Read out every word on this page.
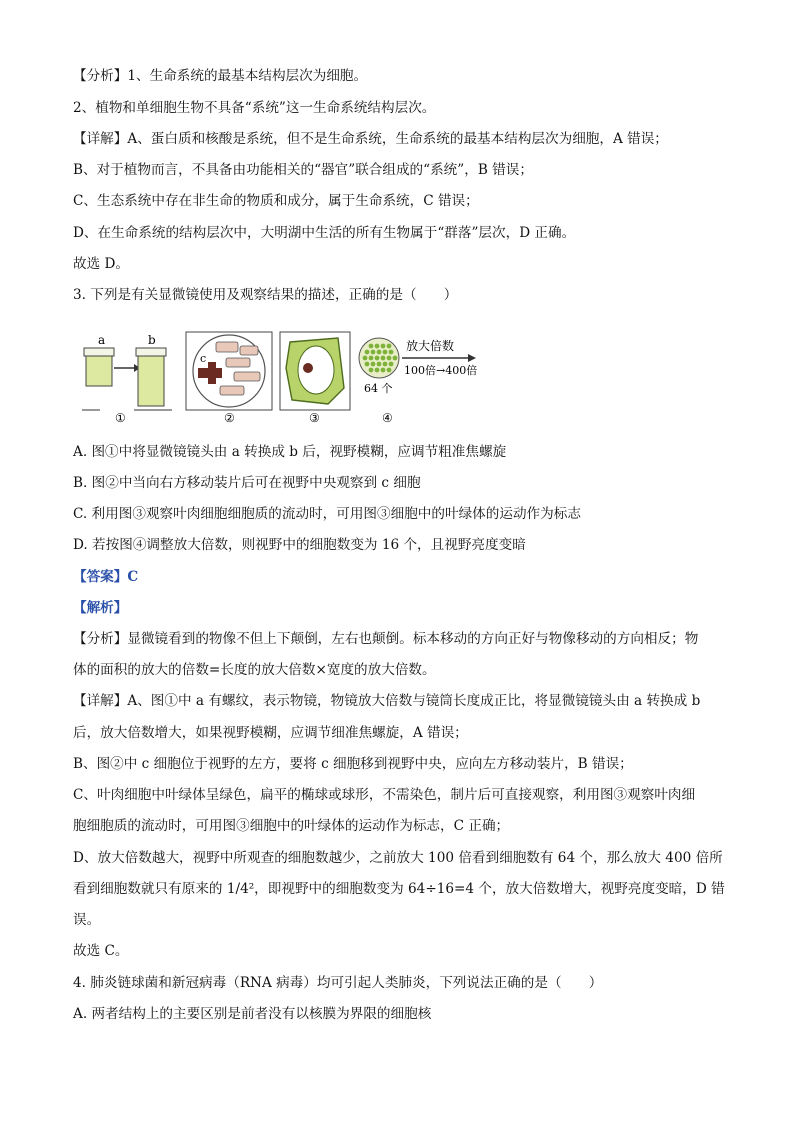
【分析】1、生命系统的最基本结构层次为细胞。
2、植物和单细胞生物不具备“系统”这一生命系统结构层次。
【详解】A、蛋白质和核酸是系统，但不是生命系统，生命系统的最基本结构层次为细胞，A 错误；
B、对于植物而言，不具备由功能相关的“器官”联合组成的“系统”，B 错误；
C、生态系统中存在非生命的物质和成分，属于生命系统，C 错误；
D、在生命系统的结构层次中，大明湖中生活的所有生物属于“群落”层次，D 正确。
故选 D。
3. 下列是有关显微镜使用及观察结果的描述，正确的是（　　）
a	b
①
c
②	③
64 个
放大倍数
100倍→400倍
④
A. 图①中将显微镜镜头由 a 转换成 b 后，视野模糊，应调节粗准焦螺旋
B. 图②中当向右方移动装片后可在视野中央观察到 c 细胞
C. 利用图③观察叶肉细胞细胞质的流动时，可用图③细胞中的叶绿体的运动作为标志
D. 若按图④调整放大倍数，则视野中的细胞数变为 16 个，且视野亮度变暗
【答案】C
【解析】
【分析】显微镜看到的物像不但上下颠倒，左右也颠倒。标本移动的方向正好与物像移动的方向相反；物
体的面积的放大的倍数=长度的放大倍数×宽度的放大倍数。
【详解】A、图①中 a 有螺纹，表示物镜，物镜放大倍数与镜筒长度成正比，将显微镜镜头由 a 转换成 b
后，放大倍数增大，如果视野模糊，应调节细准焦螺旋，A 错误；
B、图②中 c 细胞位于视野的左方，要将 c 细胞移到视野中央，应向左方移动装片，B 错误；
C、叶肉细胞中叶绿体呈绿色，扁平的椭球或球形，不需染色，制片后可直接观察，利用图③观察叶肉细
胞细胞质的流动时，可用图③细胞中的叶绿体的运动作为标志，C 正确；
D、放大倍数越大，视野中所观查的细胞数越少，之前放大 100 倍看到细胞数有 64 个，那么放大 400 倍所
看到细胞数就只有原来的 1/4²，即视野中的细胞数变为 64÷16=4 个，放大倍数增大，视野亮度变暗，D 错
误。
故选 C。
4. 肺炎链球菌和新冠病毒（RNA 病毒）均可引起人类肺炎，下列说法正确的是（　　）
A. 两者结构上的主要区别是前者没有以核膜为界限的细胞核
